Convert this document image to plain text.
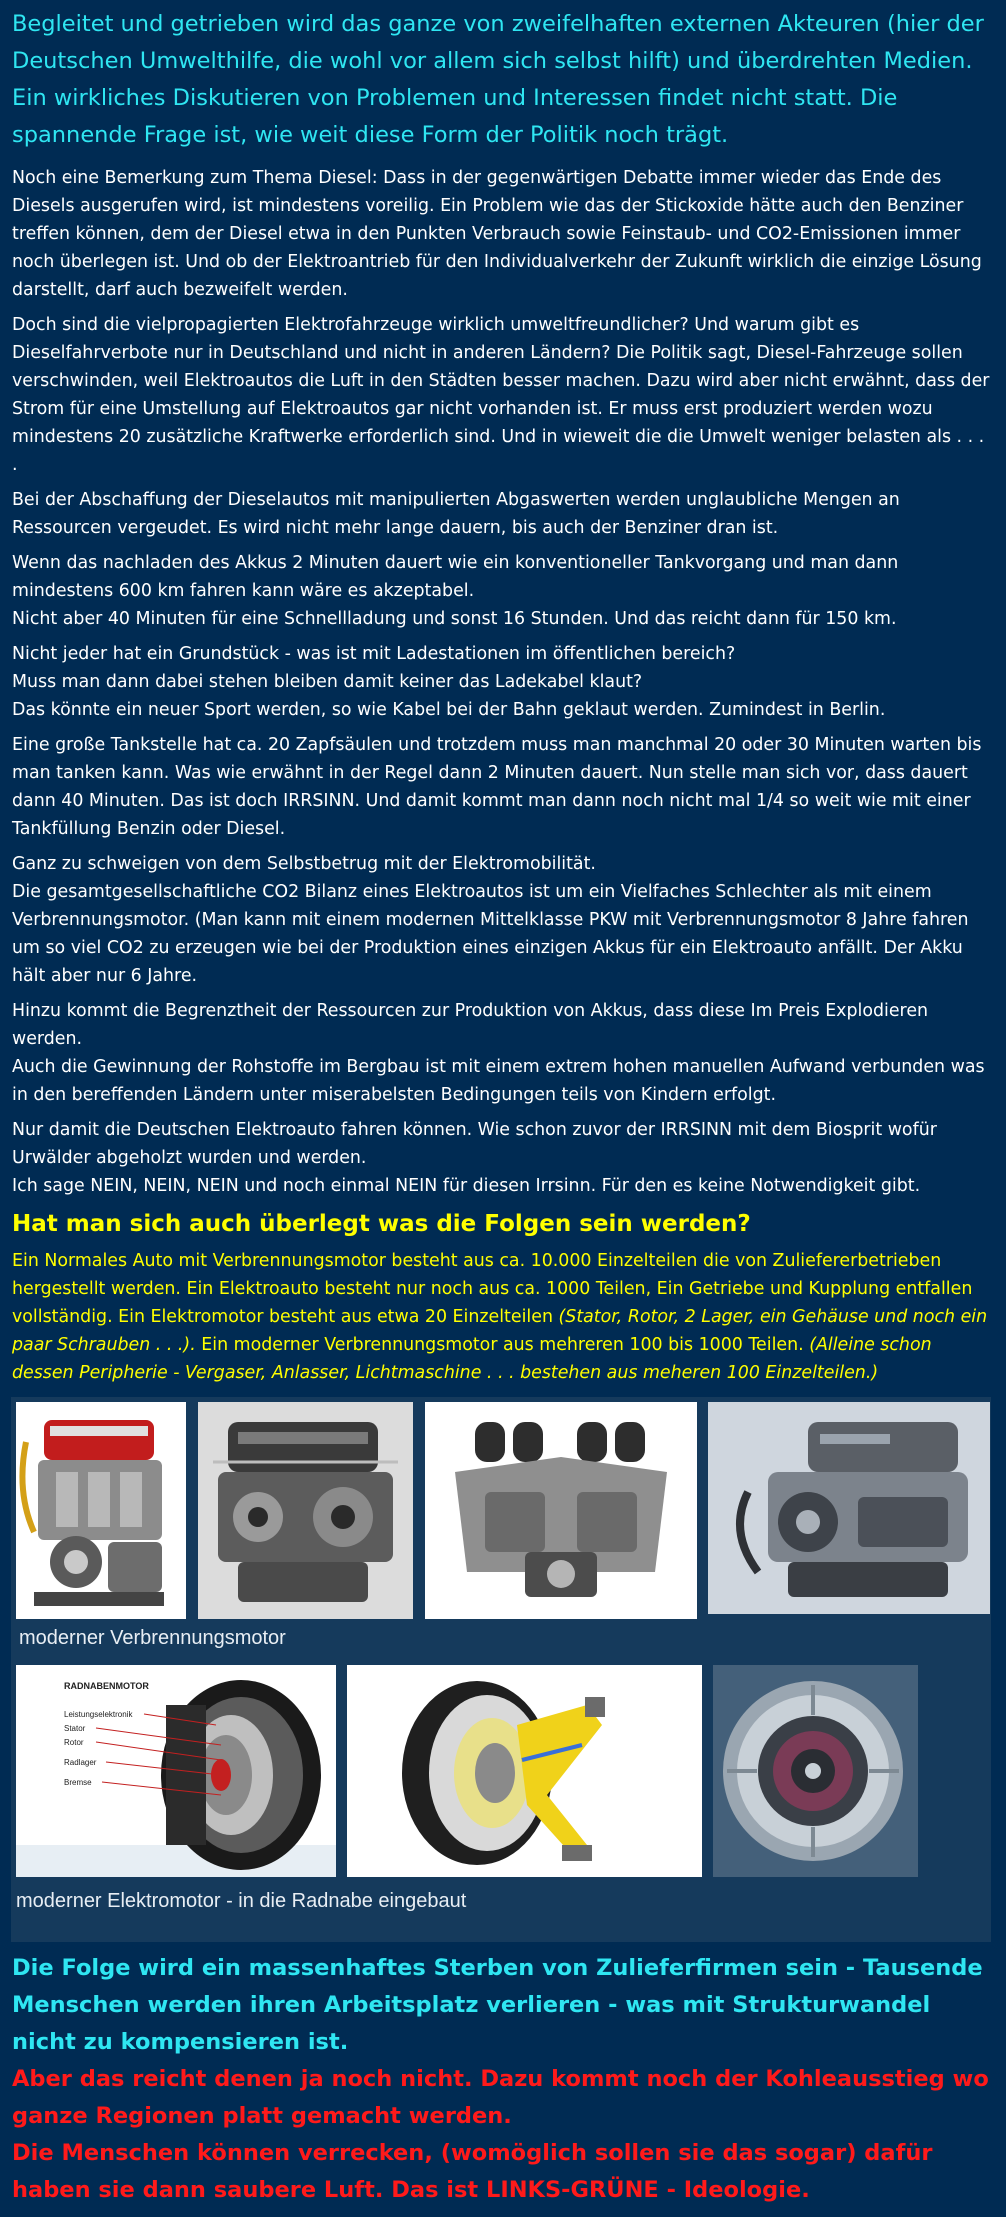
Begleitet und getrieben wird das ganze von zweifelhaften externen Akteuren (hier der Deutschen Umwelthilfe, die wohl vor allem sich selbst hilft) und überdrehten Medien. Ein wirkliches Diskutieren von Problemen und Interessen findet nicht statt. Die spannende Frage ist, wie weit diese Form der Politik noch trägt.

Noch eine Bemerkung zum Thema Diesel: Dass in der gegenwärtigen Debatte immer wieder das Ende des Diesels ausgerufen wird, ist mindestens voreilig. Ein Problem wie das der Stickoxide hätte auch den Benziner treffen können, dem der Diesel etwa in den Punkten Verbrauch sowie Feinstaub- und CO2-Emissionen immer noch überlegen ist. Und ob der Elektroantrieb für den Individualverkehr der Zukunft wirklich die einzige Lösung darstellt, darf auch bezweifelt werden.

Doch sind die vielpropagierten Elektrofahrzeuge wirklich umweltfreundlicher? Und warum gibt es Dieselfahrverbote nur in Deutschland und nicht in anderen Ländern? Die Politik sagt, Diesel-Fahrzeuge sollen verschwinden, weil Elektroautos die Luft in den Städten besser machen. Dazu wird aber nicht erwähnt, dass der Strom für eine Umstellung auf Elektroautos gar nicht vorhanden ist. Er muss erst produziert werden wozu mindestens 20 zusätzliche Kraftwerke erforderlich sind. Und in wieweit die die Umwelt weniger belasten als . . . .

Bei der Abschaffung der Dieselautos mit manipulierten Abgaswerten werden unglaubliche Mengen an Ressourcen vergeudet. Es wird nicht mehr lange dauern, bis auch der Benziner dran ist.

Wenn das nachladen des Akkus 2 Minuten dauert wie ein konventioneller Tankvorgang und man dann mindestens 600 km fahren kann wäre es akzeptabel.
Nicht aber 40 Minuten für eine Schnellladung und sonst 16 Stunden. Und das reicht dann für 150 km.

Nicht jeder hat ein Grundstück - was ist mit Ladestationen im öffentlichen bereich?
Muss man dann dabei stehen bleiben damit keiner das Ladekabel klaut?
Das könnte ein neuer Sport werden, so wie Kabel bei der Bahn geklaut werden. Zumindest in Berlin.

Eine große Tankstelle hat ca. 20 Zapfsäulen und trotzdem muss man manchmal 20 oder 30 Minuten warten bis man tanken kann. Was wie erwähnt in der Regel dann 2 Minuten dauert. Nun stelle man sich vor, dass dauert dann 40 Minuten. Das ist doch IRRSINN. Und damit kommt man dann noch nicht mal 1/4 so weit wie mit einer Tankfüllung Benzin oder Diesel.

Ganz zu schweigen von dem Selbstbetrug mit der Elektromobilität.
Die gesamtgesellschaftliche CO2 Bilanz eines Elektroautos ist um ein Vielfaches Schlechter als mit einem Verbrennungsmotor. (Man kann mit einem modernen Mittelklasse PKW mit Verbrennungsmotor 8 Jahre fahren um so viel CO2 zu erzeugen wie bei der Produktion eines einzigen Akkus für ein Elektroauto anfällt. Der Akku hält aber nur 6 Jahre.

Hinzu kommt die Begrenztheit der Ressourcen zur Produktion von Akkus, dass diese Im Preis Explodieren werden.
Auch die Gewinnung der Rohstoffe im Bergbau ist mit einem extrem hohen manuellen Aufwand verbunden was in den bereffenden Ländern unter miserabelsten Bedingungen teils von Kindern erfolgt.

Nur damit die Deutschen Elektroauto fahren können. Wie schon zuvor der IRRSINN mit dem Biosprit wofür Urwälder abgeholzt wurden und werden.
Ich sage NEIN, NEIN, NEIN und noch einmal NEIN für diesen Irrsinn. Für den es keine Notwendigkeit gibt.

Hat man sich auch überlegt was die Folgen sein werden?

Ein Normales Auto mit Verbrennungsmotor besteht aus ca. 10.000 Einzelteilen die von Zuliefererbetrieben hergestellt werden. Ein Elektroauto besteht nur noch aus ca. 1000 Teilen, Ein Getriebe und Kupplung entfallen vollständig. Ein Elektromotor besteht aus etwa 20 Einzelteilen (Stator, Rotor, 2 Lager, ein Gehäuse und noch ein paar Schrauben . . .). Ein moderner Verbrennungsmotor aus mehreren 100 bis 1000 Teilen. (Alleine schon dessen Peripherie - Vergaser, Anlasser, Lichtmaschine . . . bestehen aus meheren 100 Einzelteilen.)

moderner Verbrennungsmotor
RADNABENMOTOR
Leistungselektronik
Stator
Rotor
Radlager
Bremse
moderner Elektromotor - in die Radnabe eingebaut

Die Folge wird ein massenhaftes Sterben von Zulieferfirmen sein - Tausende Menschen werden ihren Arbeitsplatz verlieren - was mit Strukturwandel nicht zu kompensieren ist.

Aber das reicht denen ja noch nicht. Dazu kommt noch der Kohleausstieg wo ganze Regionen platt gemacht werden.

Die Menschen können verrecken, (womöglich sollen sie das sogar) dafür haben sie dann saubere Luft. Das ist LINKS-GRÜNE - Ideologie.
